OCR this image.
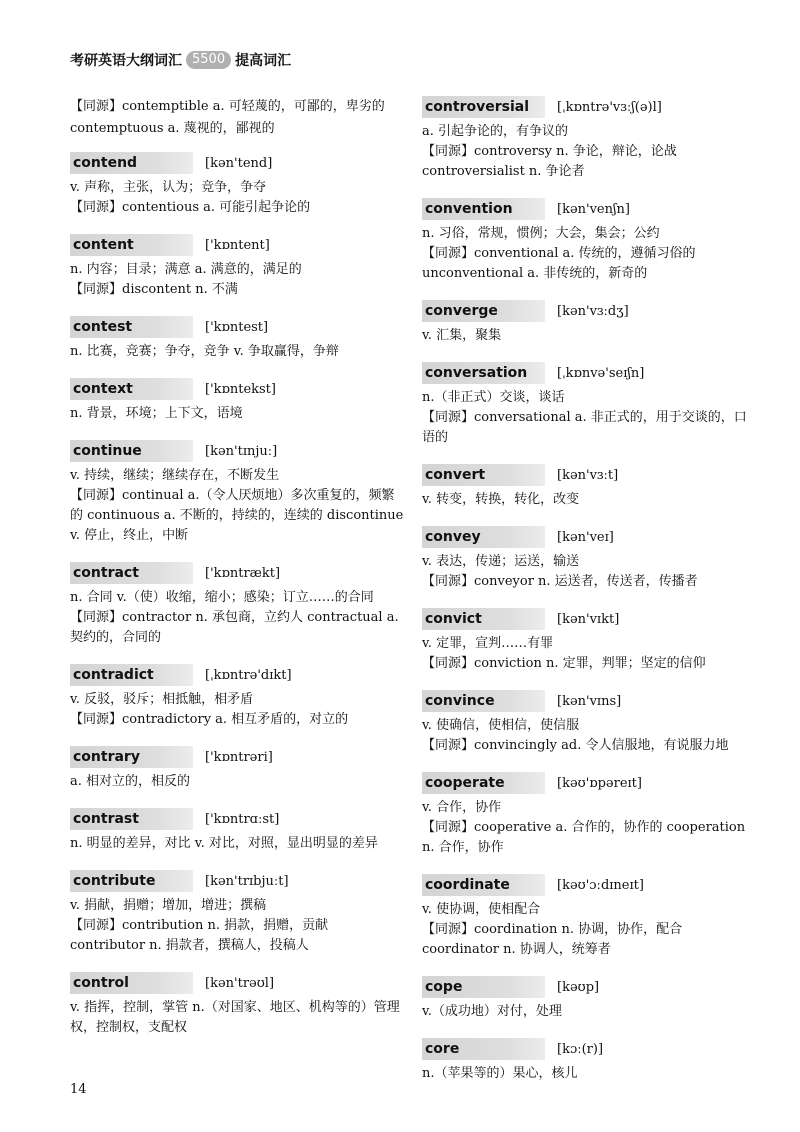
考研英语大纲词汇 5500 提高词汇
【同源】contemptible a. 可轻蔑的，可鄙的，卑劣的 contemptuous a. 蔑视的，鄙视的
contend	[kən'tend]
v. 声称，主张，认为；竞争，争夺
【同源】contentious a. 可能引起争论的
content	['kɒntent]
n. 内容；目录；满意 a. 满意的，满足的
【同源】discontent n. 不满
contest	['kɒntest]
n. 比赛，竞赛；争夺，竞争 v. 争取赢得，争辩
context	['kɒntekst]
n. 背景，环境；上下文，语境
continue	[kən'tɪnjuː]
v. 持续，继续；继续存在，不断发生
【同源】continual a.（令人厌烦地）多次重复的，频繁的 continuous a. 不断的，持续的，连续的 discontinue v. 停止，终止，中断
contract	['kɒntrækt]
n. 合同 v.（使）收缩，缩小；感染；订立……的合同
【同源】contractor n. 承包商，立约人 contractual a. 契约的，合同的
contradict	[ˌkɒntrə'dɪkt]
v. 反驳，驳斥；相抵触，相矛盾
【同源】contradictory a. 相互矛盾的，对立的
contrary	['kɒntrəri]
a. 相对立的，相反的
contrast	['kɒntrɑːst]
n. 明显的差异，对比 v. 对比，对照，显出明显的差异
contribute	[kən'trɪbjuːt]
v. 捐献，捐赠；增加，增进；撰稿
【同源】contribution n. 捐款，捐赠，贡献 contributor n. 捐款者，撰稿人，投稿人
control	[kən'trəʊl]
v. 指挥，控制，掌管 n.（对国家、地区、机构等的）管理权，控制权，支配权
controversial	[ˌkɒntrə'vɜːʃ(ə)l]
a. 引起争论的，有争议的
【同源】controversy n. 争论，辩论，论战 controversialist n. 争论者
convention	[kən'venʃn]
n. 习俗，常规，惯例；大会，集会；公约
【同源】conventional a. 传统的，遵循习俗的 unconventional a. 非传统的，新奇的
converge	[kən'vɜːdʒ]
v. 汇集，聚集
conversation	[ˌkɒnvə'seɪʃn]
n.（非正式）交谈，谈话
【同源】conversational a. 非正式的，用于交谈的，口语的
convert	[kən'vɜːt]
v. 转变，转换，转化，改变
convey	[kən'veɪ]
v. 表达，传递；运送，输送
【同源】conveyor n. 运送者，传送者，传播者
convict	[kən'vɪkt]
v. 定罪，宣判……有罪
【同源】conviction n. 定罪，判罪；坚定的信仰
convince	[kən'vɪns]
v. 使确信，使相信，使信服
【同源】convincingly ad. 令人信服地，有说服力地
cooperate	[kəʊ'ɒpəreɪt]
v. 合作，协作
【同源】cooperative a. 合作的，协作的 cooperation n. 合作，协作
coordinate	[kəʊ'ɔːdɪneɪt]
v. 使协调，使相配合
【同源】coordination n. 协调，协作，配合 coordinator n. 协调人，统筹者
cope	[kəʊp]
v.（成功地）对付，处理
core	[kɔː(r)]
n.（苹果等的）果心，核儿
14
